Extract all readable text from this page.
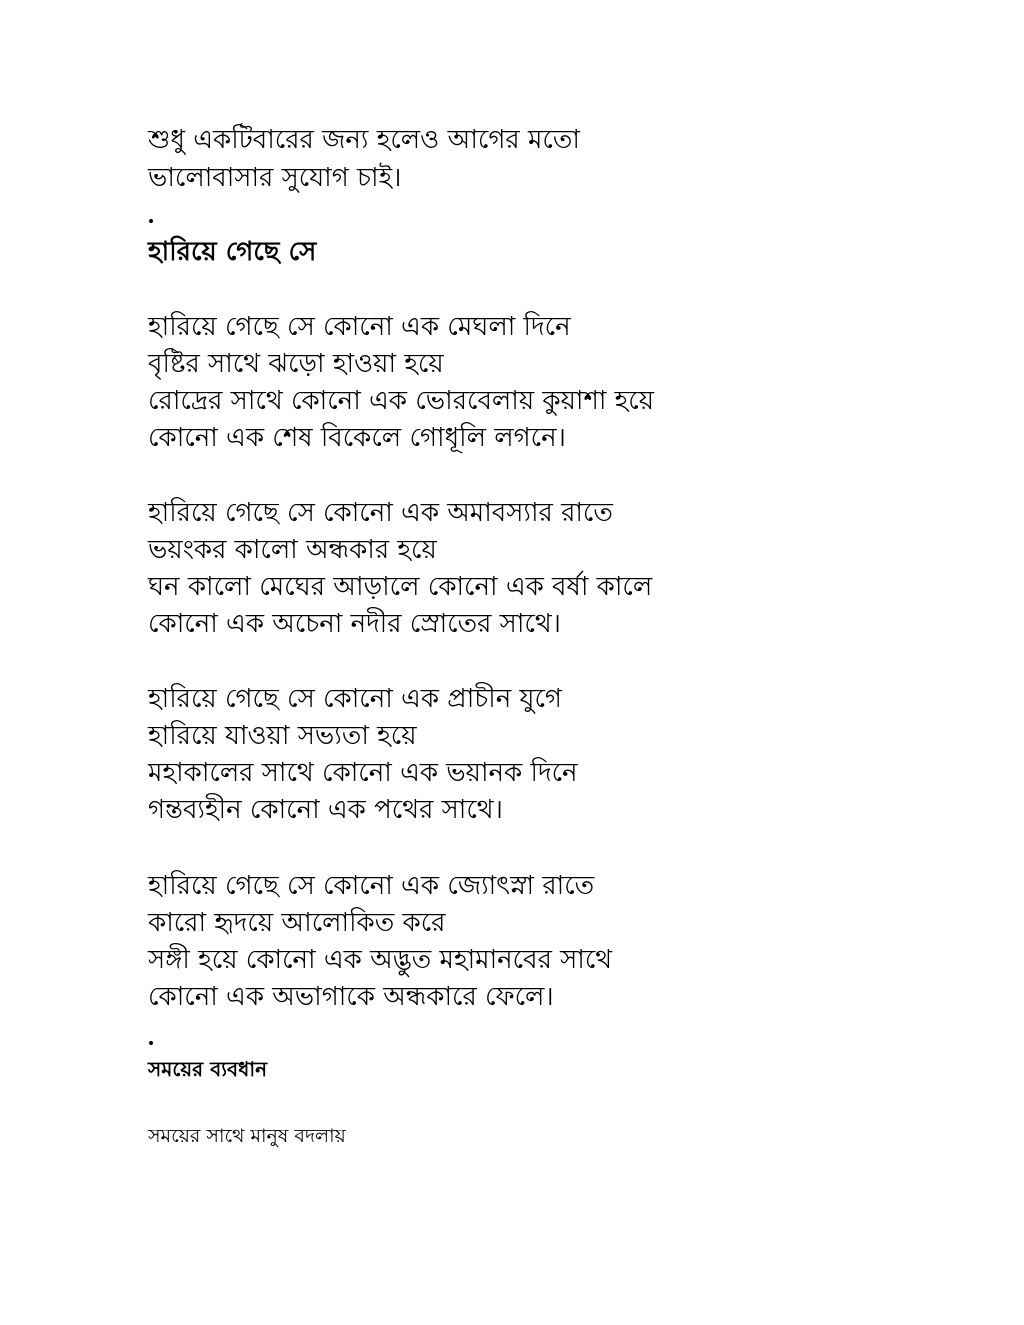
শুধু একটিবারের জন্য হলেও আগের মতো

ভালোবাসার সুযোগ চাই।

হারিয়ে গেছে সে

হারিয়ে গেছে সে কোনো এক মেঘলা দিনে

বৃষ্টির সাথে ঝড়ো হাওয়া হয়ে

রোদ্রের সাথে কোনো এক ভোরবেলায় কুয়াশা হয়ে

কোনো এক শেষ বিকেলে গোধূলি লগনে।

হারিয়ে গেছে সে কোনো এক অমাবস্যার রাতে

ভয়ংকর কালো অন্ধকার হয়ে

ঘন কালো মেঘের আড়ালে কোনো এক বর্ষা কালে

কোনো এক অচেনা নদীর স্রোতের সাথে।

হারিয়ে গেছে সে কোনো এক প্রাচীন যুগে

হারিয়ে যাওয়া সভ্যতা হয়ে

মহাকালের সাথে কোনো এক ভয়ানক দিনে

গন্তব্যহীন কোনো এক পথের সাথে।

হারিয়ে গেছে সে কোনো এক জ্যোৎস্না রাতে

কারো হৃদয়ে আলোকিত করে

সঙ্গী হয়ে কোনো এক অদ্ভুত মহামানবের সাথে

কোনো এক অভাগাকে অন্ধকারে ফেলে।

সময়ের ব্যবধান

সময়ের সাথে মানুষ বদলায়
